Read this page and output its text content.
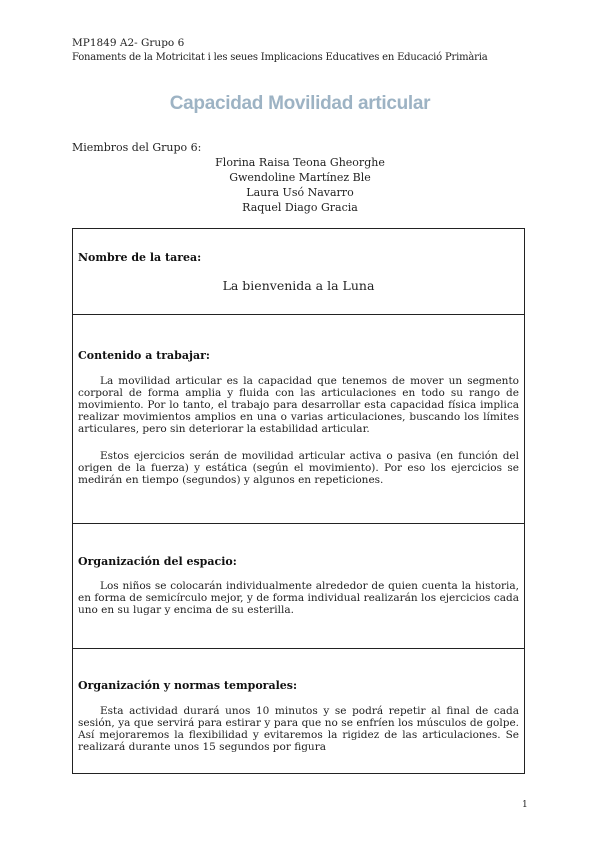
MP1849 A2- Grupo 6
Fonaments de la Motricitat i les seues Implicacions Educatives en Educació Primària
Capacidad Movilidad articular
Miembros del Grupo 6:
Florina Raisa Teona Gheorghe
Gwendoline Martínez Ble
Laura Usó Navarro
Raquel Diago Gracia
Nombre de la tarea:
La bienvenida a la Luna
Contenido a trabajar:
La movilidad articular es la capacidad que tenemos de mover un segmento corporal de forma amplia y fluida con las articulaciones en todo su rango de movimiento. Por lo tanto, el trabajo para desarrollar esta capacidad física implica realizar movimientos amplios en una o varias articulaciones, buscando los límites articulares, pero sin deteriorar la estabilidad articular.
Estos ejercicios serán de movilidad articular activa o pasiva (en función del origen de la fuerza) y estática (según el movimiento). Por eso los ejercicios se medirán en tiempo (segundos) y algunos en repeticiones.
Organización del espacio:
Los niños se colocarán individualmente alrededor de quien cuenta la historia, en forma de semicírculo mejor, y de forma individual realizarán los ejercicios cada uno en su lugar y encima de su esterilla.
Organización y normas temporales:
Esta actividad durará unos 10 minutos y se podrá repetir al final de cada sesión, ya que servirá para estirar y para que no se enfríen los músculos de golpe. Así mejoraremos la flexibilidad y evitaremos la rigidez de las articulaciones. Se realizará durante unos 15 segundos por figura
1
